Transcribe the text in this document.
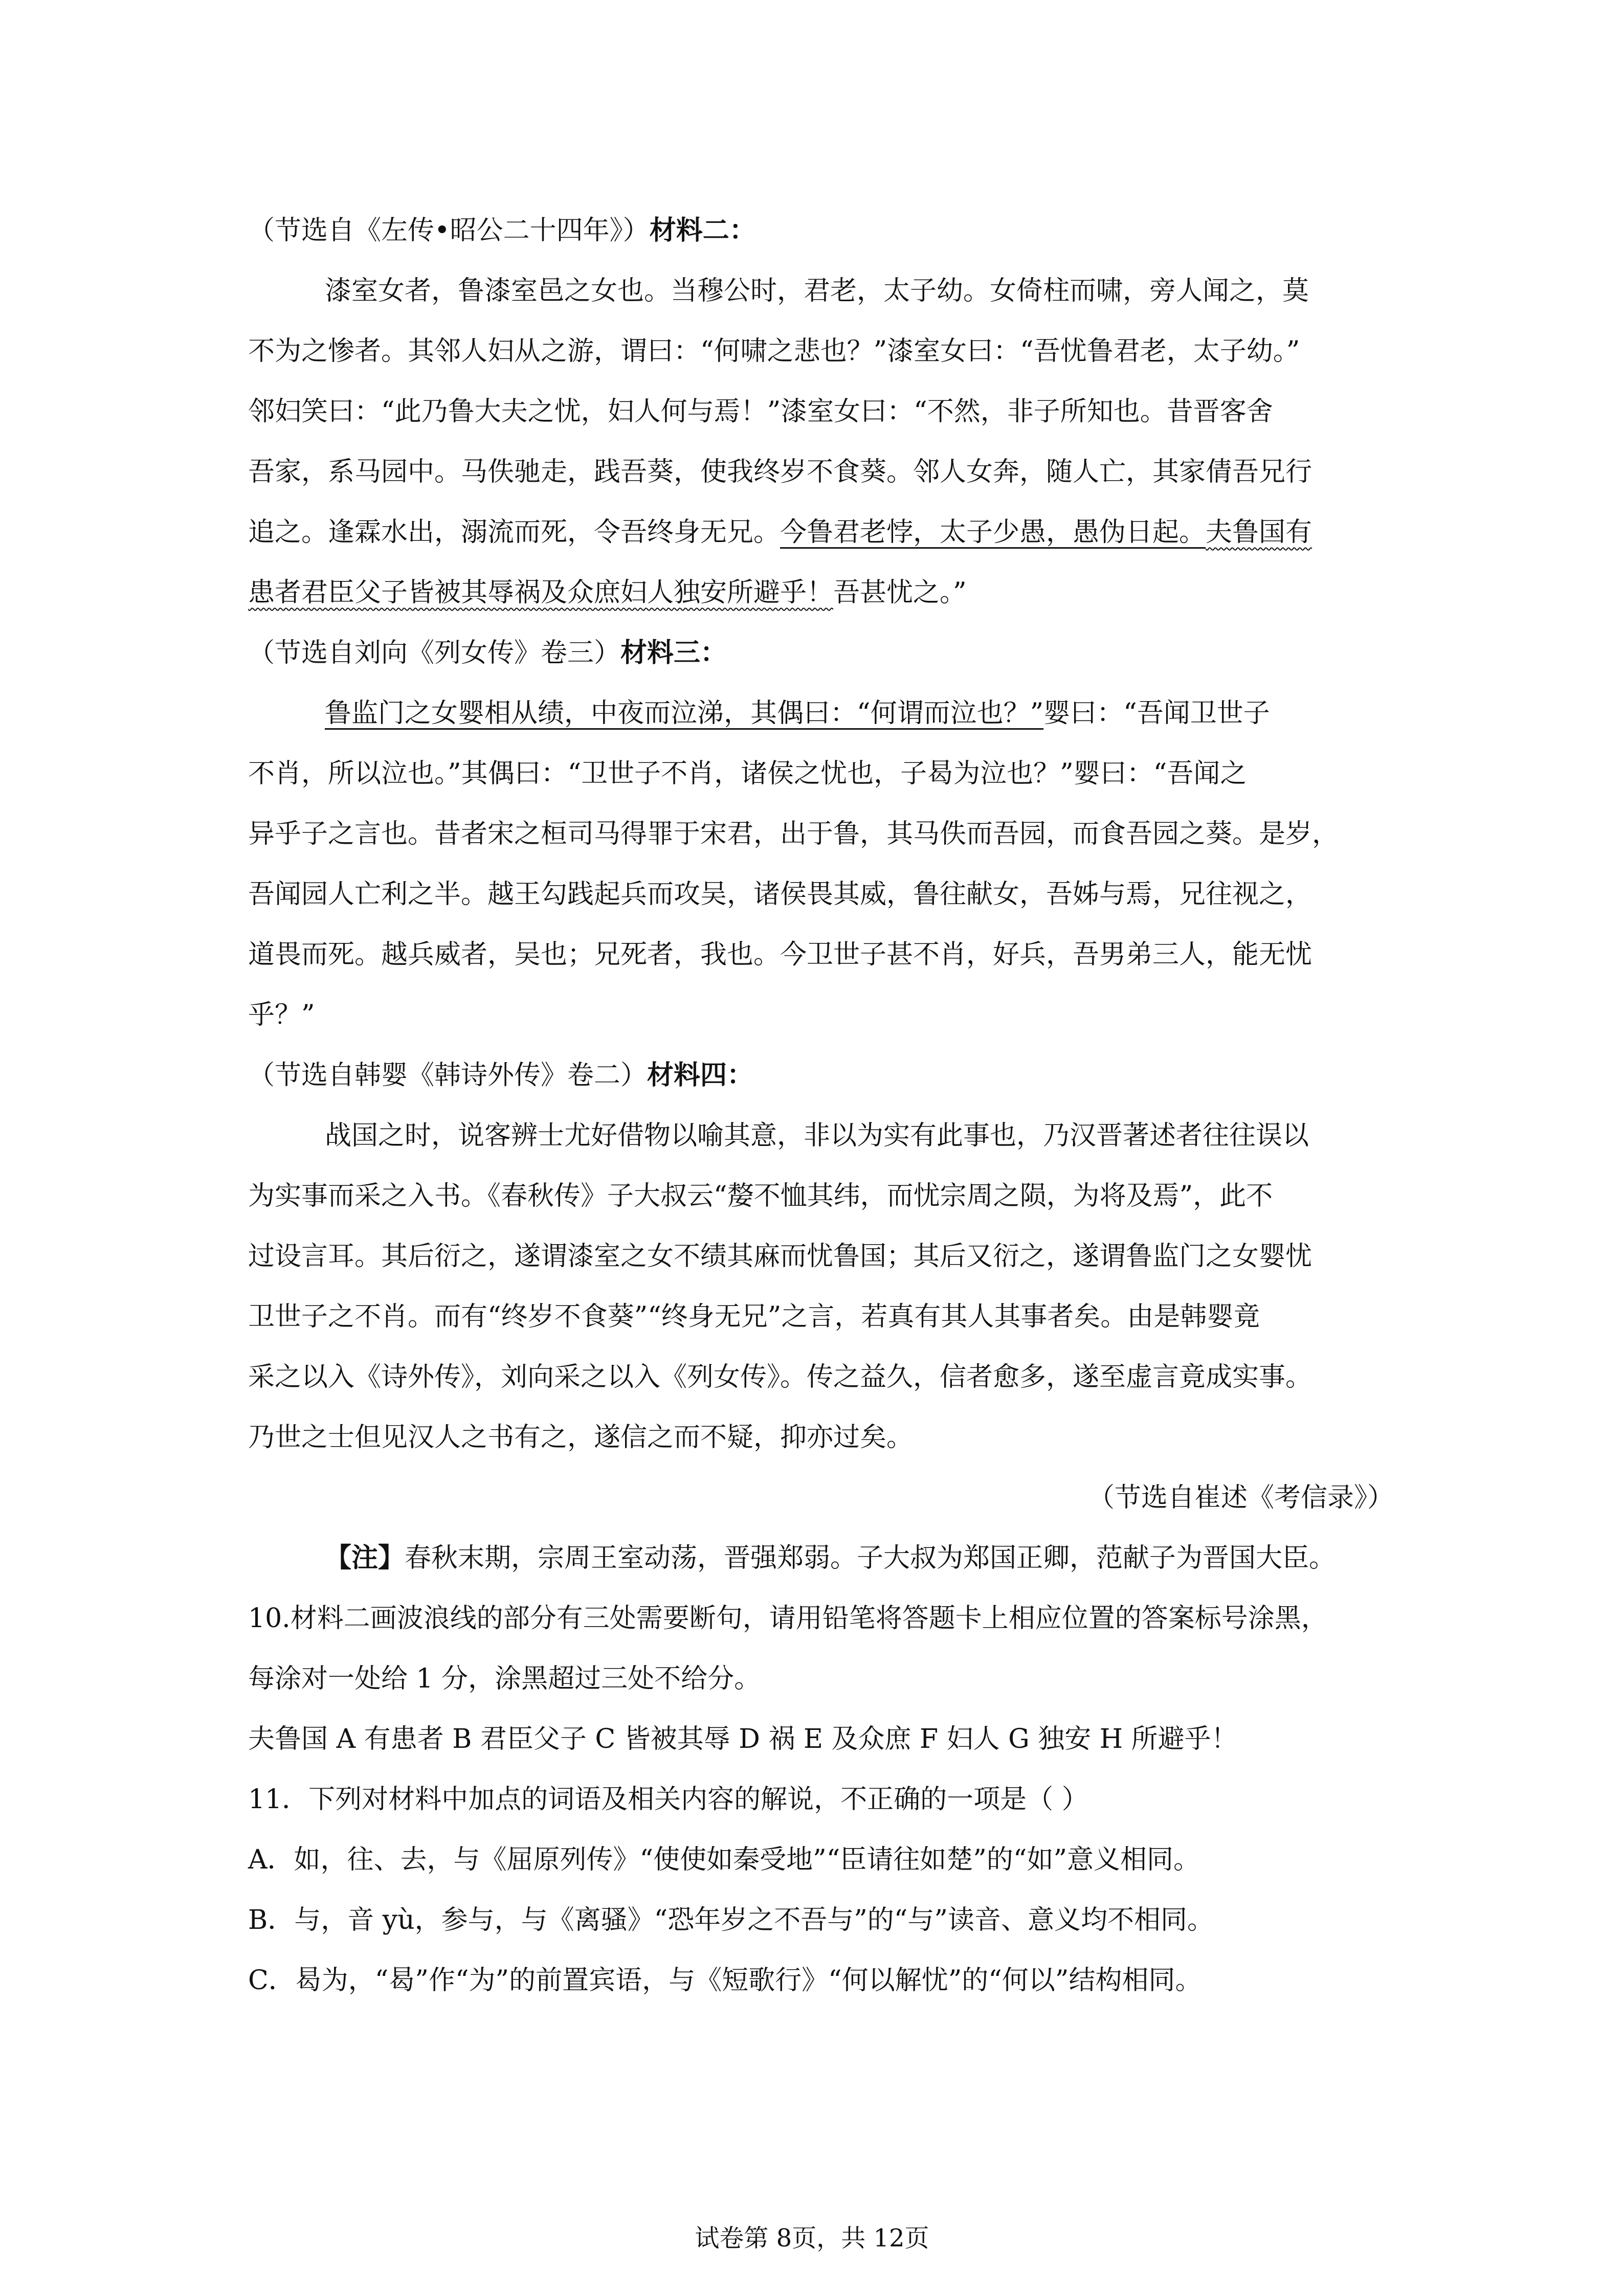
（节选自《左传•昭公二十四年》）材料二：
漆室女者，鲁漆室邑之女也。当穆公时，君老，太子幼。女倚柱而啸，旁人闻之，莫
不为之惨者。其邻人妇从之游，谓曰：“何啸之悲也？”漆室女曰：“吾忧鲁君老，太子幼。”
邻妇笑曰：“此乃鲁大夫之忧，妇人何与焉！”漆室女曰：“不然，非子所知也。昔晋客舍
吾家，系马园中。马佚驰走，践吾葵，使我终岁不食葵。邻人女奔，随人亡，其家倩吾兄行
追之。逢霖水出，溺流而死，令吾终身无兄。今鲁君老悖，太子少愚，愚伪日起。夫鲁国有
患者君臣父子皆被其辱祸及众庶妇人独安所避乎！吾甚忧之。”
（节选自刘向《列女传》卷三）材料三：
鲁监门之女婴相从绩，中夜而泣涕，其偶曰：“何谓而泣也？”婴曰：“吾闻卫世子
不肖，所以泣也。”其偶曰：“卫世子不肖，诸侯之忧也，子曷为泣也？”婴曰：“吾闻之
异乎子之言也。昔者宋之桓司马得罪于宋君，出于鲁，其马佚而吾园，而食吾园之葵。是岁，
吾闻园人亡利之半。越王勾践起兵而攻吴，诸侯畏其威，鲁往献女，吾姊与焉，兄往视之，
道畏而死。越兵威者，吴也；兄死者，我也。今卫世子甚不肖，好兵，吾男弟三人，能无忧
乎？”
（节选自韩婴《韩诗外传》卷二）材料四：
战国之时，说客辨士尤好借物以喻其意，非以为实有此事也，乃汉晋著述者往往误以
为实事而采之入书。《春秋传》子大叔云“嫠不恤其纬，而忧宗周之陨，为将及焉”，此不
过设言耳。其后衍之，遂谓漆室之女不绩其麻而忧鲁国；其后又衍之，遂谓鲁监门之女婴忧
卫世子之不肖。而有“终岁不食葵”“终身无兄”之言，若真有其人其事者矣。由是韩婴竟
采之以入《诗外传》，刘向采之以入《列女传》。传之益久，信者愈多，遂至虚言竟成实事。
乃世之士但见汉人之书有之，遂信之而不疑，抑亦过矣。
（节选自崔述《考信录》）
【注】春秋末期，宗周王室动荡，晋强郑弱。子大叔为郑国正卿，范献子为晋国大臣。
10.材料二画波浪线的部分有三处需要断句，请用铅笔将答题卡上相应位置的答案标号涂黑，
每涂对一处给 1 分，涂黑超过三处不给分。
夫鲁国 A 有患者 B 君臣父子 C 皆被其辱 D 祸 E 及众庶 F 妇人 G 独安 H 所避乎！
11．下列对材料中加点的词语及相关内容的解说，不正确的一项是（ ）
A．如，往、去，与《屈原列传》“使使如秦受地”“臣请往如楚”的“如”意义相同。
B．与，音 yù，参与，与《离骚》“恐年岁之不吾与”的“与”读音、意义均不相同。
C．曷为，“曷”作“为”的前置宾语，与《短歌行》“何以解忧”的“何以”结构相同。
试卷第 8页，共 12页
